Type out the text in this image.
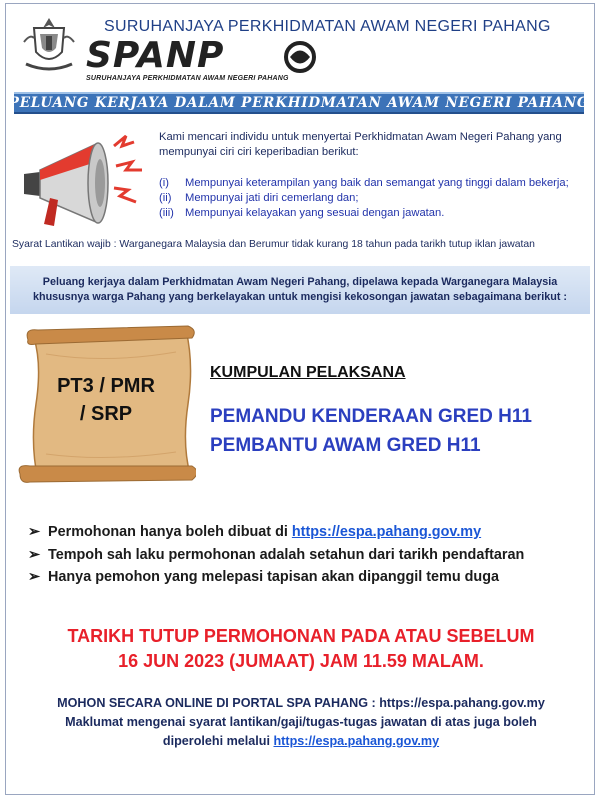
SURUHANJAYA PERKHIDMATAN AWAM NEGERI PAHANG
SPANP
SURUHANJAYA PERKHIDMATAN AWAM NEGERI PAHANG
PELUANG KERJAYA DALAM PERKHIDMATAN AWAM NEGERI PAHANG
Kami mencari individu untuk menyertai Perkhidmatan Awam Negeri Pahang yang mempunyai ciri ciri keperibadian berikut:
(i) Mempunyai keterampilan yang baik dan semangat yang tinggi dalam bekerja;
(ii) Mempunyai jati diri cemerlang dan;
(iii) Mempunyai kelayakan yang sesuai dengan jawatan.
Syarat Lantikan wajib : Warganegara Malaysia dan Berumur tidak kurang 18 tahun pada tarikh tutup iklan jawatan
Peluang kerjaya dalam Perkhidmatan Awam Negeri Pahang, dipelawa kepada Warganegara Malaysia
khususnya warga Pahang yang berkelayakan untuk mengisi kekosongan jawatan sebagaimana berikut :
PT3 / PMR
/ SRP
KUMPULAN PELAKSANA
PEMANDU KENDERAAN GRED H11
PEMBANTU AWAM GRED H11
➢ Permohonan hanya boleh dibuat di https://espa.pahang.gov.my
➢ Tempoh sah laku permohonan adalah setahun dari tarikh pendaftaran
➢ Hanya pemohon yang melepasi tapisan akan dipanggil temu duga
TARIKH TUTUP PERMOHONAN PADA ATAU SEBELUM
16 JUN 2023 (JUMAAT) JAM 11.59 MALAM.
MOHON SECARA ONLINE DI PORTAL SPA PAHANG : https://espa.pahang.gov.my
Maklumat mengenai syarat lantikan/gaji/tugas-tugas jawatan di atas juga boleh
diperolehi melalui https://espa.pahang.gov.my
